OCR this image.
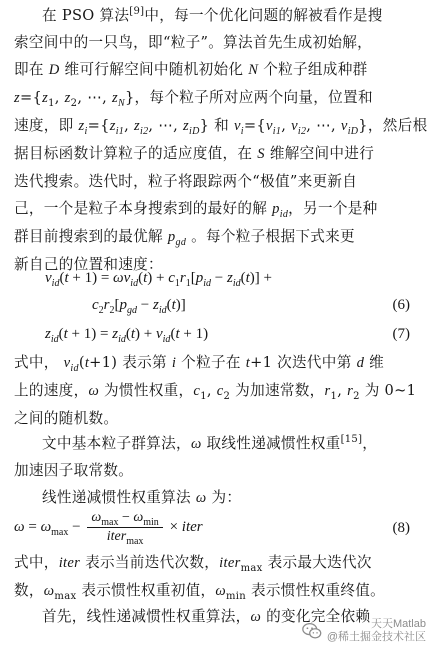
在 PSO 算法[9]中，每一个优化问题的解被看作是搜
索空间中的一只鸟，即“粒子”。算法首先生成初始解，
即在 D 维可行解空间中随机初始化 N 个粒子组成种群
$z=\{z_1$, $z_2$, ⋯, $z_N$}，每个粒子所对应两个向量，位置和
速度，即 $z_i=\{z_{i1}$, $z_{i2}$, ⋯, $z_{iD}$} 和 $v_i=\{v_{i1}$, $v_{i2}$, ⋯, $v_{iD}$}，然后根
据目标函数计算粒子的适应度值，在 S 维解空间中进行
迭代搜索。迭代时，粒子将跟踪两个“极值”来更新自
己，一个是粒子本身搜索到的最好的解 $p_{id}$，另一个是种
群目前搜索到的最优解 $p_{gd}$ 。每个粒子根据下式来更
新自己的位置和速度：
$v_{id}(t + 1) = \omega v_{id}(t) + c_1r_1[p_{id} - z_{id}(t)]$ +
$c_2r_2[p_{gd} - z_{id}(t)]$	(6)
$z_{id}(t + 1) = z_{id}(t) + v_{id}(t + 1)$	(7)
式中， $v_{id}(t+1)$ 表示第 i 个粒子在 t+1 次迭代中第 d 维
上的速度，ω 为惯性权重，$c_1$, $c_2$ 为加速常数，$r_1$, $r_2$ 为 0~1
之间的随机数。
文中基本粒子群算法，ω 取线性递减惯性权重[15]，
加速因子取常数。
线性递减惯性权重算法 ω 为：
$\omega = \omega_{max} - \frac{\omega_{max} - \omega_{min}}{iter_{max}}$ × iter	(8)
式中，iter 表示当前迭代次数，iter$_{max}$ 表示最大迭代次
数，$\omega_{max}$ 表示惯性权重初值，$\omega_{min}$ 表示惯性权重终值。
首先，线性递减惯性权重算法，ω 的变化完全依赖 天天Matlab
@稀土掘金技术社区
